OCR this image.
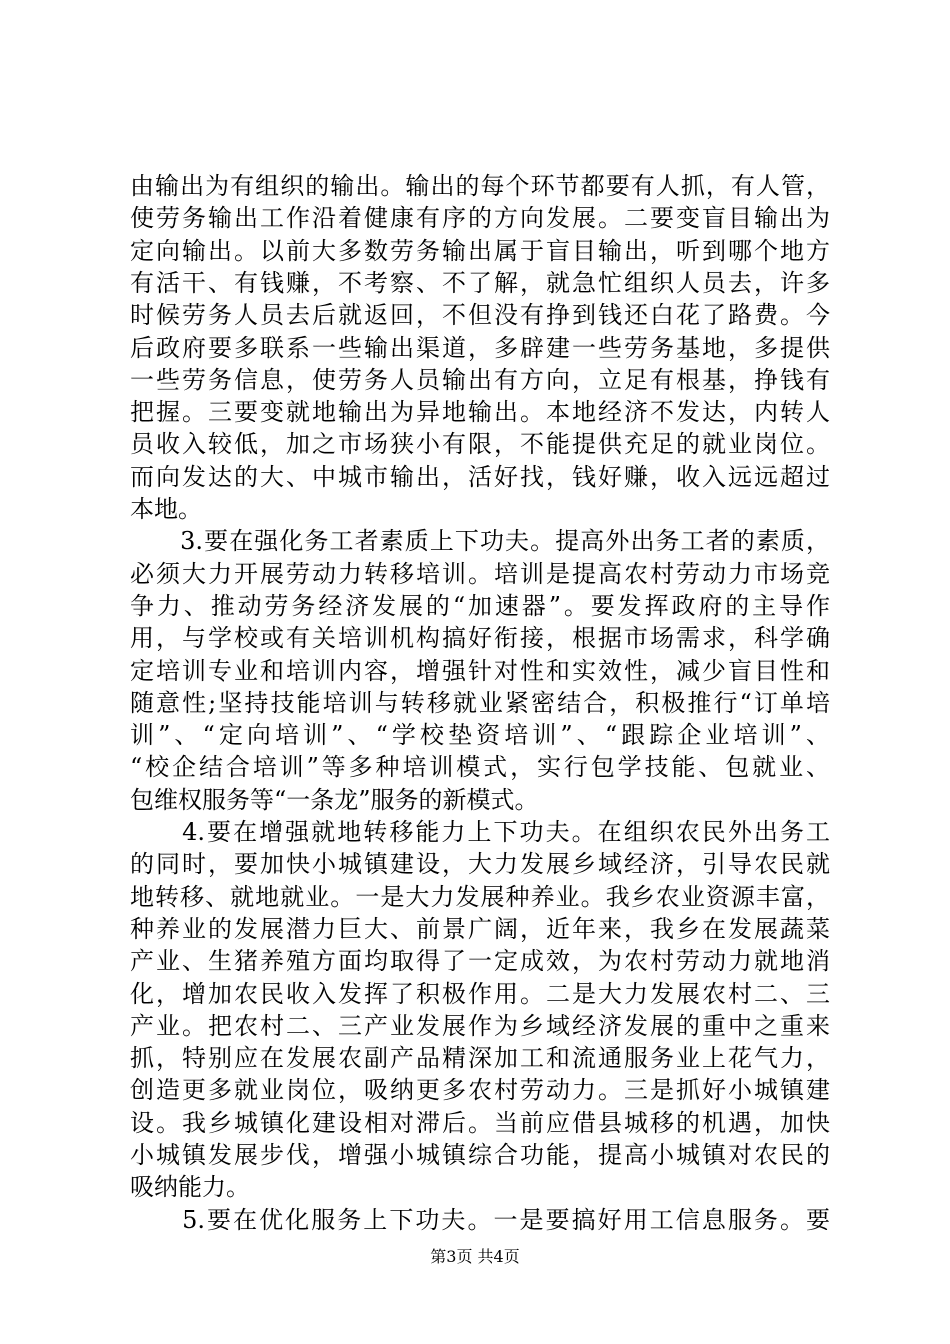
由输出为有组织的输出。输出的每个环节都要有人抓，有人管，
使劳务输出工作沿着健康有序的方向发展。二要变盲目输出为
定向输出。以前大多数劳务输出属于盲目输出，听到哪个地方
有活干、有钱赚，不考察、不了解，就急忙组织人员去，许多
时候劳务人员去后就返回，不但没有挣到钱还白花了路费。今
后政府要多联系一些输出渠道，多辟建一些劳务基地，多提供
一些劳务信息，使劳务人员输出有方向，立足有根基，挣钱有
把握。三要变就地输出为异地输出。本地经济不发达，内转人
员收入较低，加之市场狭小有限，不能提供充足的就业岗位。
而向发达的大、中城市输出，活好找，钱好赚，收入远远超过
本地。
　　3.要在强化务工者素质上下功夫。提高外出务工者的素质，
必须大力开展劳动力转移培训。培训是提高农村劳动力市场竞
争力、推动劳务经济发展的“加速器”。要发挥政府的主导作
用，与学校或有关培训机构搞好衔接，根据市场需求，科学确
定培训专业和培训内容，增强针对性和实效性，减少盲目性和
随意性;坚持技能培训与转移就业紧密结合，积极推行“订单培
训”、“定向培训”、“学校垫资培训”、“跟踪企业培训”、
“校企结合培训”等多种培训模式，实行包学技能、包就业、
包维权服务等“一条龙”服务的新模式。
　　4.要在增强就地转移能力上下功夫。在组织农民外出务工
的同时，要加快小城镇建设，大力发展乡域经济，引导农民就
地转移、就地就业。一是大力发展种养业。我乡农业资源丰富，
种养业的发展潜力巨大、前景广阔，近年来，我乡在发展蔬菜
产业、生猪养殖方面均取得了一定成效，为农村劳动力就地消
化，增加农民收入发挥了积极作用。二是大力发展农村二、三
产业。把农村二、三产业发展作为乡域经济发展的重中之重来
抓，特别应在发展农副产品精深加工和流通服务业上花气力，
创造更多就业岗位，吸纳更多农村劳动力。三是抓好小城镇建
设。我乡城镇化建设相对滞后。当前应借县城移的机遇，加快
小城镇发展步伐，增强小城镇综合功能，提高小城镇对农民的
吸纳能力。
　　5.要在优化服务上下功夫。一是要搞好用工信息服务。要
第3页 共4页
